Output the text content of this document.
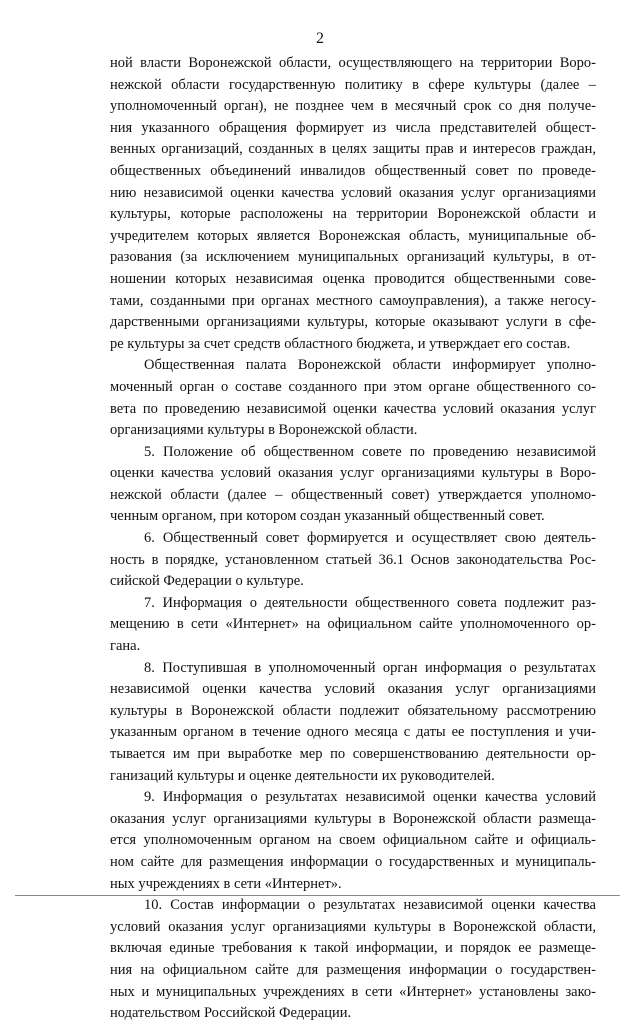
2
ной власти Воронежской области, осуществляющего на территории Воро-
нежской области государственную политику в сфере культуры (далее –
уполномоченный орган), не позднее чем в месячный срок со дня получе-
ния указанного обращения формирует из числа представителей общест-
венных организаций, созданных в целях защиты прав и интересов граждан,
общественных объединений инвалидов общественный совет по проведе-
нию независимой оценки качества условий оказания услуг организациями
культуры, которые расположены на территории Воронежской области и
учредителем которых является Воронежская область, муниципальные об-
разования (за исключением муниципальных организаций культуры, в от-
ношении которых независимая оценка проводится общественными сове-
тами, созданными при органах местного самоуправления), а также негосу-
дарственными организациями культуры, которые оказывают услуги в сфе-
ре культуры за счет средств областного бюджета, и утверждает его состав.
Общественная палата Воронежской области информирует уполно-
моченный орган о составе созданного при этом органе общественного со-
вета по проведению независимой оценки качества условий оказания услуг
организациями культуры в Воронежской области.
5. Положение об общественном совете по проведению независимой
оценки качества условий оказания услуг организациями культуры в Воро-
нежской области (далее – общественный совет) утверждается уполномо-
ченным органом, при котором создан указанный общественный совет.
6. Общественный совет формируется и осуществляет свою деятель-
ность в порядке, установленном статьей 36.1 Основ законодательства Рос-
сийской Федерации о культуре.
7. Информация о деятельности общественного совета подлежит раз-
мещению в сети «Интернет» на официальном сайте уполномоченного ор-
гана.
8. Поступившая в уполномоченный орган информация о результатах
независимой оценки качества условий оказания услуг организациями
культуры в Воронежской области подлежит обязательному рассмотрению
указанным органом в течение одного месяца с даты ее поступления и учи-
тывается им при выработке мер по совершенствованию деятельности ор-
ганизаций культуры и оценке деятельности их руководителей.
9. Информация о результатах независимой оценки качества условий
оказания услуг организациями культуры в Воронежской области размеща-
ется уполномоченным органом на своем официальном сайте и официаль-
ном сайте для размещения информации о государственных и муниципаль-
ных учреждениях в сети «Интернет».
10. Состав информации о результатах независимой оценки качества
условий оказания услуг организациями культуры в Воронежской области,
включая единые требования к такой информации, и порядок ее размеще-
ния на официальном сайте для размещения информации о государствен-
ных и муниципальных учреждениях в сети «Интернет» установлены зако-
нодательством Российской Федерации.
